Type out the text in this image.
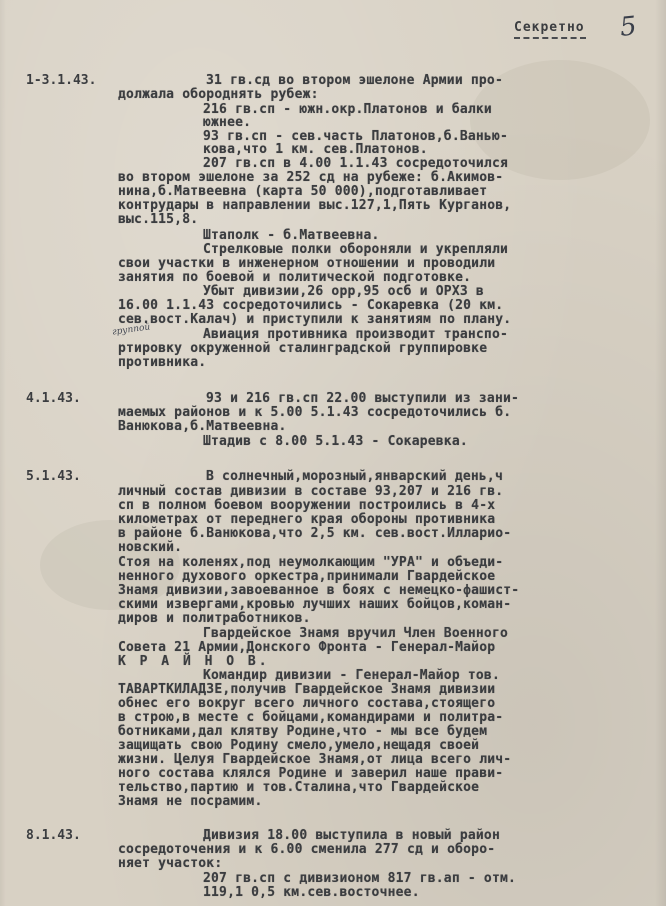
Секретно 5
1-3.1.43.	31 гв.сд во втором эшелоне Армии про-
должала обороднять рубеж:
216 гв.сп - южн.окр.Платонов и балки
южнее.
93 гв.сп - сев.часть Платонов,б.Ванью-
кова,что 1 км. сев.Платонов.
207 гв.сп в 4.00 1.1.43 сосредоточился
во втором эшелоне за 252 сд на рубеже: б.Акимов-
нина,б.Матвеевна (карта 50 000),подготавливает
контрудары в направлении выс.127,1,Пять Курганов,
выс.115,8.
Штаполк - б.Матвеевна.
Стрелковые полки обороняли и укрепляли
свои участки в инженерном отношении и проводили
занятия по боевой и политической подготовке.
Убыт дивизии,26 орр,95 осб и ОРХЗ в
16.00 1.1.43 сосредоточились - Сокаревка (20 км.
сев.вост.Калач) и приступили к занятиям по плану.
группой	Авиация противника производит транспо-
ртировку окруженной сталинградской группировке
противника.
4.1.43.	93 и 216 гв.сп 22.00 выступили из зани-
маемых районов и к 5.00 5.1.43 сосредоточились б.
Ванюкова,б.Матвеевна.
Штадив с 8.00 5.1.43 - Сокаревка.
5.1.43.	В солнечный,морозный,январский день,ч
личный состав дивизии в составе 93,207 и 216 гв.
сп в полном боевом вооружении построились в 4-х
километрах от переднего края обороны противника
в районе б.Ванюкова,что 2,5 км. сев.вост.Илларио-
новский.
Стоя на коленях,под неумолкающим "УРА" и объеди-
ненного духового оркестра,принимали Гвардейское
Знамя дивизии,завоеванное в боях с немецко-фашист-
скими извергами,кровью лучших наших бойцов,коман-
диров и политработников.
Гвардейское Знамя вручил Член Военного
Совета 21 Армии,Донского Фронта - Генерал-Майор
К Р А Й Н О В.
Командир дивизии - Генерал-Майор тов.
ТАВАРТКИЛАДЗЕ,получив Гвардейское Знамя дивизии
обнес его вокруг всего личного состава,стоящего
в строю,в месте с бойцами,командирами и политра-
ботниками,дал клятву Родине,что - мы все будем
защищать свою Родину смело,умело,нещадя своей
жизни. Целуя Гвардейское Знамя,от лица всего лич-
ного состава клялся Родине и заверил наше прави-
тельство,партию и тов.Сталина,что Гвардейское
Знамя не посрамим.
8.1.43.	Дивизия 18.00 выступила в новый район
сосредоточения и к 6.00 сменила 277 сд и оборо-
няет участок:
207 гв.сп с дивизионом 817 гв.ап - отм.
119,1 0,5 км.сев.восточнее.
